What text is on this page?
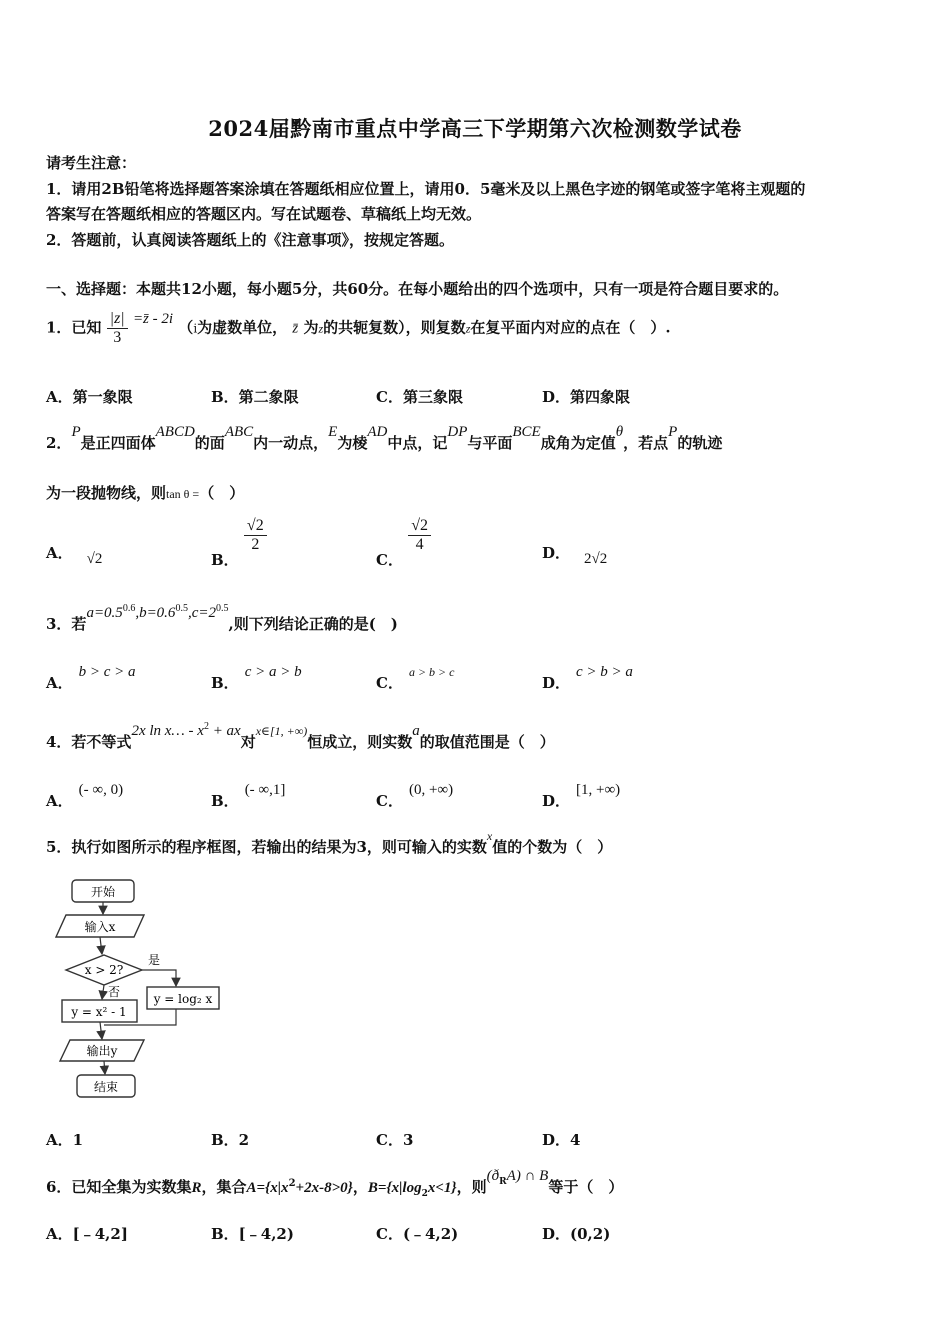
2024届黔南市重点中学高三下学期第六次检测数学试卷
请考生注意：
1．请用2B铅笔将选择题答案涂填在答题纸相应位置上，请用0．5毫米及以上黑色字迹的钢笔或签字笔将主观题的
答案写在答题纸相应的答题区内。写在试题卷、草稿纸上均无效。
2．答题前，认真阅读答题纸上的《注意事项》，按规定答题。
一、选择题：本题共12小题，每小题5分，共60分。在每小题给出的四个选项中，只有一项是符合题目要求的。
1．已知 $\frac{|z|}{3}$ =z̄ - 2i （i为虚数单位， z̄ 为z的共轭复数），则复数z在复平面内对应的点在（　）.
A．第一象限	B．第二象限	C．第三象限	D．第四象限
2．P是正四面体ABCD的面ABC内一动点，E为棱AD中点，记DP与平面BCE成角为定值θ，若点P的轨迹
为一段抛物线，则tan θ =（　）
A． √2	B．
$\frac{√2}{2}$
C．
$\frac{√2}{4}$	D． 2√2
3．若$a=0.5^{0.6},b=0.6^{0.5},c=2^{0.5}$,则下列结论正确的是(　)
A．b > c > a
B．c > a > b
C．$^{a > b > c}$
D．c > b > a
4．若不等式2x ln x… - $x^2$ + ax对$^{x\in[1, +\infty)}$恒成立，则实数a的取值范围是（　）
A．(- ∞, 0)
B．(- ∞,1]
C．(0, +∞)
D．[1, +∞)
5．执行如图所示的程序框图，若输出的结果为3，则可输入的实数$^x$值的个数为（　）
开始
输入x
x > 2?
是
否	y = log₂ x
y = x² - 1
输出y
结束
A．1	B．2	C．3	D．4
6．已知全集为实数集R，集合$A=\{x|x^2+2x-8>0\}$，$B=\{x|\log_2x<1\}$，则$(ð_RA)$ ∩ B等于（　）
A．[﹣4,2]	B．[﹣4,2)	C．(﹣4,2)	D．(0,2)
